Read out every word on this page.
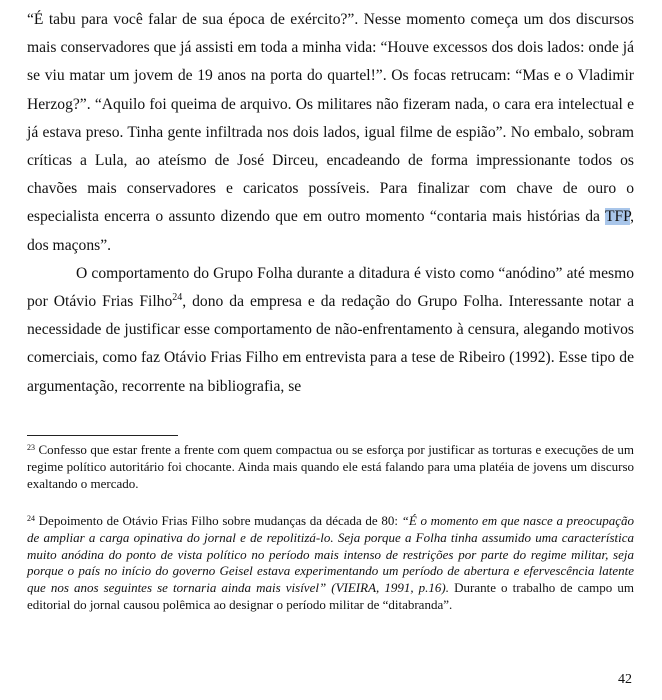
“É tabu para você falar de sua época de exército?”. Nesse momento começa um dos discursos mais conservadores que já assisti em toda a minha vida: “Houve excessos dos dois lados: onde já se viu matar um jovem de 19 anos na porta do quartel!”. Os focas retrucam: “Mas e o Vladimir Herzog?”. “Aquilo foi queima de arquivo. Os militares não fizeram nada, o cara era intelectual e já estava preso. Tinha gente infiltrada nos dois lados, igual filme de espião”. No embalo, sobram críticas a Lula, ao ateísmo de José Dirceu, encadeando de forma impressionante todos os chavões mais conservadores e caricatos possíveis. Para finalizar com chave de ouro o especialista encerra o assunto dizendo que em outro momento “contaria mais histórias da TFP, dos maçons”.

O comportamento do Grupo Folha durante a ditadura é visto como “anódino” até mesmo por Otávio Frias Filho$^{24}$, dono da empresa e da redação do Grupo Folha. Interessante notar a necessidade de justificar esse comportamento de não-enfrentamento à censura, alegando motivos comerciais, como faz Otávio Frias Filho em entrevista para a tese de Ribeiro (1992). Esse tipo de argumentação, recorrente na bibliografia, se

$^{23}$ Confesso que estar frente a frente com quem compactua ou se esforça por justificar as torturas e execuções de um regime político autoritário foi chocante. Ainda mais quando ele está falando para uma platéia de jovens um discurso exaltando o mercado.

$^{24}$ Depoimento de Otávio Frias Filho sobre mudanças da década de 80: “É o momento em que nasce a preocupação de ampliar a carga opinativa do jornal e de repolitizá-lo. Seja porque a Folha tinha assumido uma característica muito anódina do ponto de vista político no período mais intenso de restrições por parte do regime militar, seja porque o país no início do governo Geisel estava experimentando um período de abertura e efervescência latente que nos anos seguintes se tornaria ainda mais visível” (VIEIRA, 1991, p.16). Durante o trabalho de campo um editorial do jornal causou polêmica ao designar o período militar de “ditabranda”.

42
